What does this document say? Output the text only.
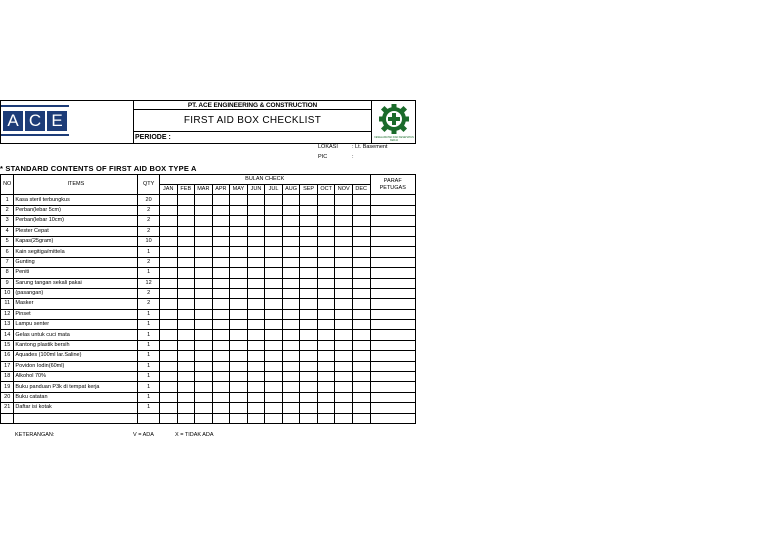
A C E
PT. ACE ENGINEERING & CONSTRUCTION
FIRST AID BOX CHECKLIST
PERIODE :	KESELAMATAN DAN KESEHATAN KERJA
LOKASI	: Lt. Basement
PIC	:
* STANDARD CONTENTS OF FIRST AID BOX TYPE A
NO	ITEMS	QTY	BULAN CHECK												PARAF
PETUGAS
			JAN	FEB	MAR	APR	MAY	JUN	JUL	AUG	SEP	OCT	NOV	DEC	
1	Kasa steril terbungkus	20													
2	Perban(lebar 5cm)	2													
3	Perban(lebar 10cm)	2													
4	Plester Cepat	2													
5	Kapas(25gram)	10													
6	Kain segitiga/mittela	1													
7	Gunting	2													
8	Peniti	1													
9	Sarung tangan sekali pakai	12													
10	(pasangan)	2													
11	Masker	2													
12	Pinset	1													
13	Lampu senter	1													
14	Gelas untuk cuci mata	1													
15	Kantong plastik bersih	1													
16	Aquades (100ml lar.Saline)	1													
17	Povidon Iodin(60ml)	1													
18	Alkohol 70%	1													
19	Buku panduan P3k di tempat kerja	1													
20	Buku catatan	1													
21	Daftar isi kotak	1													

KETERANGAN:	V = ADA	X = TIDAK ADA
